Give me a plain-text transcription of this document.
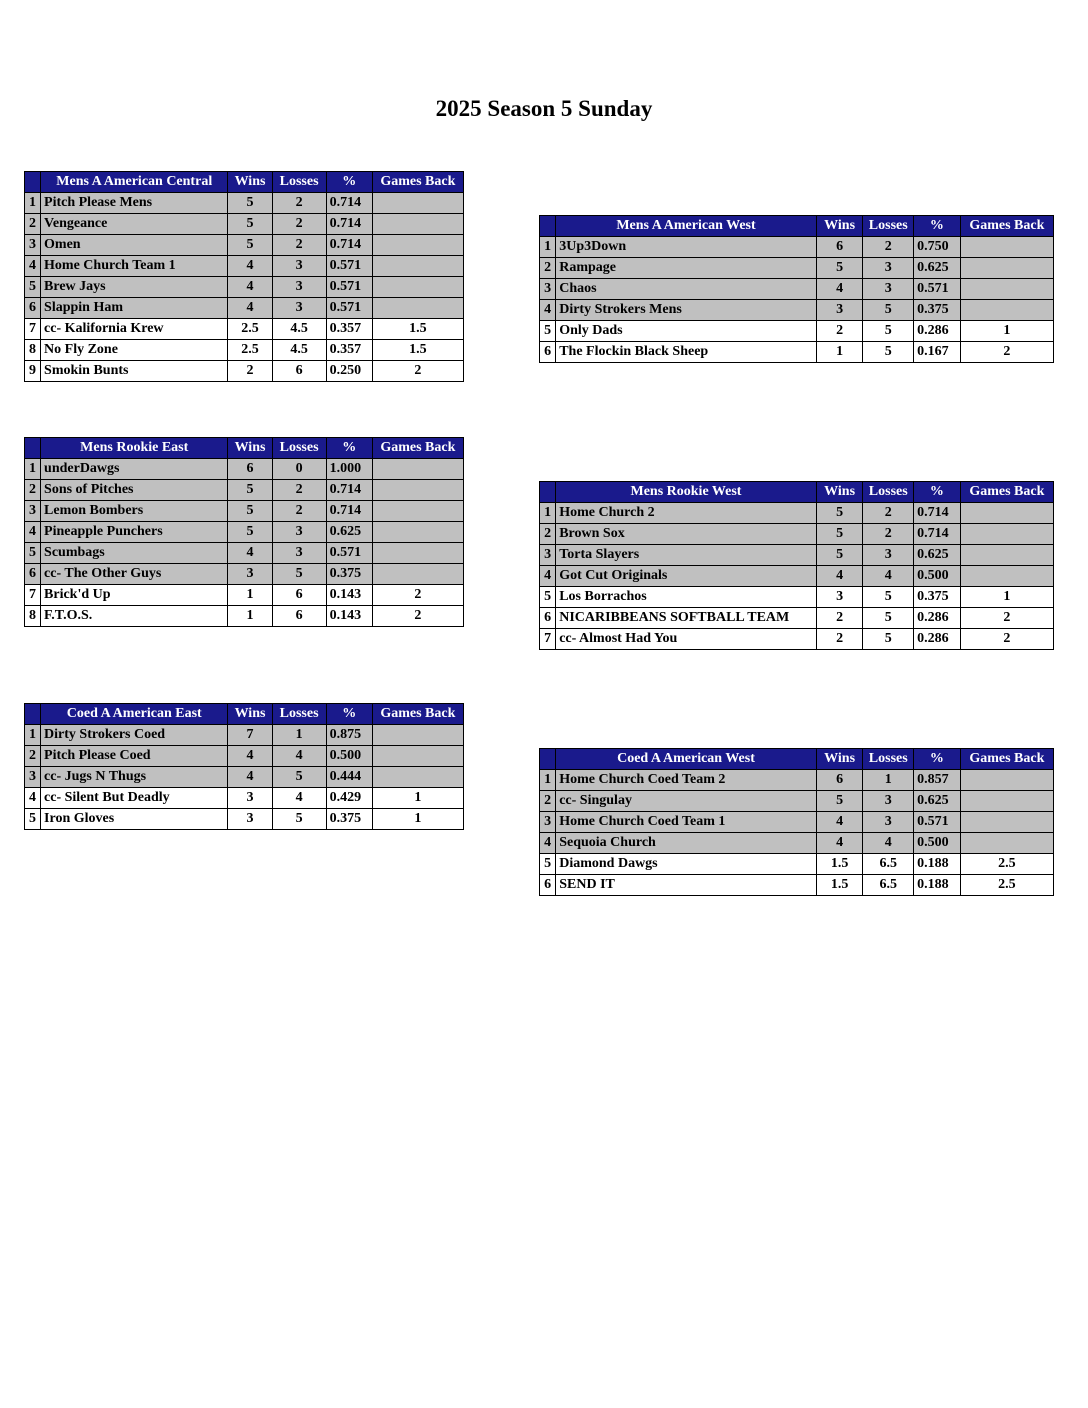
2025 Season 5 Sunday
	Mens A American Central	Wins	Losses	%	Games Back
1	Pitch Please Mens	5	2	0.714	
2	Vengeance	5	2	0.714	
3	Omen	5	2	0.714	
4	Home Church Team 1	4	3	0.571	
5	Brew Jays	4	3	0.571	
6	Slappin Ham	4	3	0.571	
7	cc- Kalifornia Krew	2.5	4.5	0.357	1.5
8	No Fly Zone	2.5	4.5	0.357	1.5
9	Smokin Bunts	2	6	0.250	2
	Mens Rookie East	Wins	Losses	%	Games Back
1	underDawgs	6	0	1.000	
2	Sons of Pitches	5	2	0.714	
3	Lemon Bombers	5	2	0.714	
4	Pineapple Punchers	5	3	0.625	
5	Scumbags	4	3	0.571	
6	cc- The Other Guys	3	5	0.375	
7	Brick'd Up	1	6	0.143	2
8	F.T.O.S.	1	6	0.143	2
	Coed A American East	Wins	Losses	%	Games Back
1	Dirty Strokers Coed	7	1	0.875	
2	Pitch Please Coed	4	4	0.500	
3	cc- Jugs N Thugs	4	5	0.444	
4	cc- Silent But Deadly	3	4	0.429	1
5	Iron Gloves	3	5	0.375	1
	Mens A American West	Wins	Losses	%	Games Back
1	3Up3Down	6	2	0.750	
2	Rampage	5	3	0.625	
3	Chaos	4	3	0.571	
4	Dirty Strokers Mens	3	5	0.375	
5	Only Dads	2	5	0.286	1
6	The Flockin Black Sheep	1	5	0.167	2
	Mens Rookie West	Wins	Losses	%	Games Back
1	Home Church 2	5	2	0.714	
2	Brown Sox	5	2	0.714	
3	Torta Slayers	5	3	0.625	
4	Got Cut Originals	4	4	0.500	
5	Los Borrachos	3	5	0.375	1
6	NICARIBBEANS SOFTBALL TEAM	2	5	0.286	2
7	cc- Almost Had You	2	5	0.286	2
	Coed A American West	Wins	Losses	%	Games Back
1	Home Church Coed Team 2	6	1	0.857	
2	cc- Singulay	5	3	0.625	
3	Home Church Coed Team 1	4	3	0.571	
4	Sequoia Church	4	4	0.500	
5	Diamond Dawgs	1.5	6.5	0.188	2.5
6	SEND IT	1.5	6.5	0.188	2.5
